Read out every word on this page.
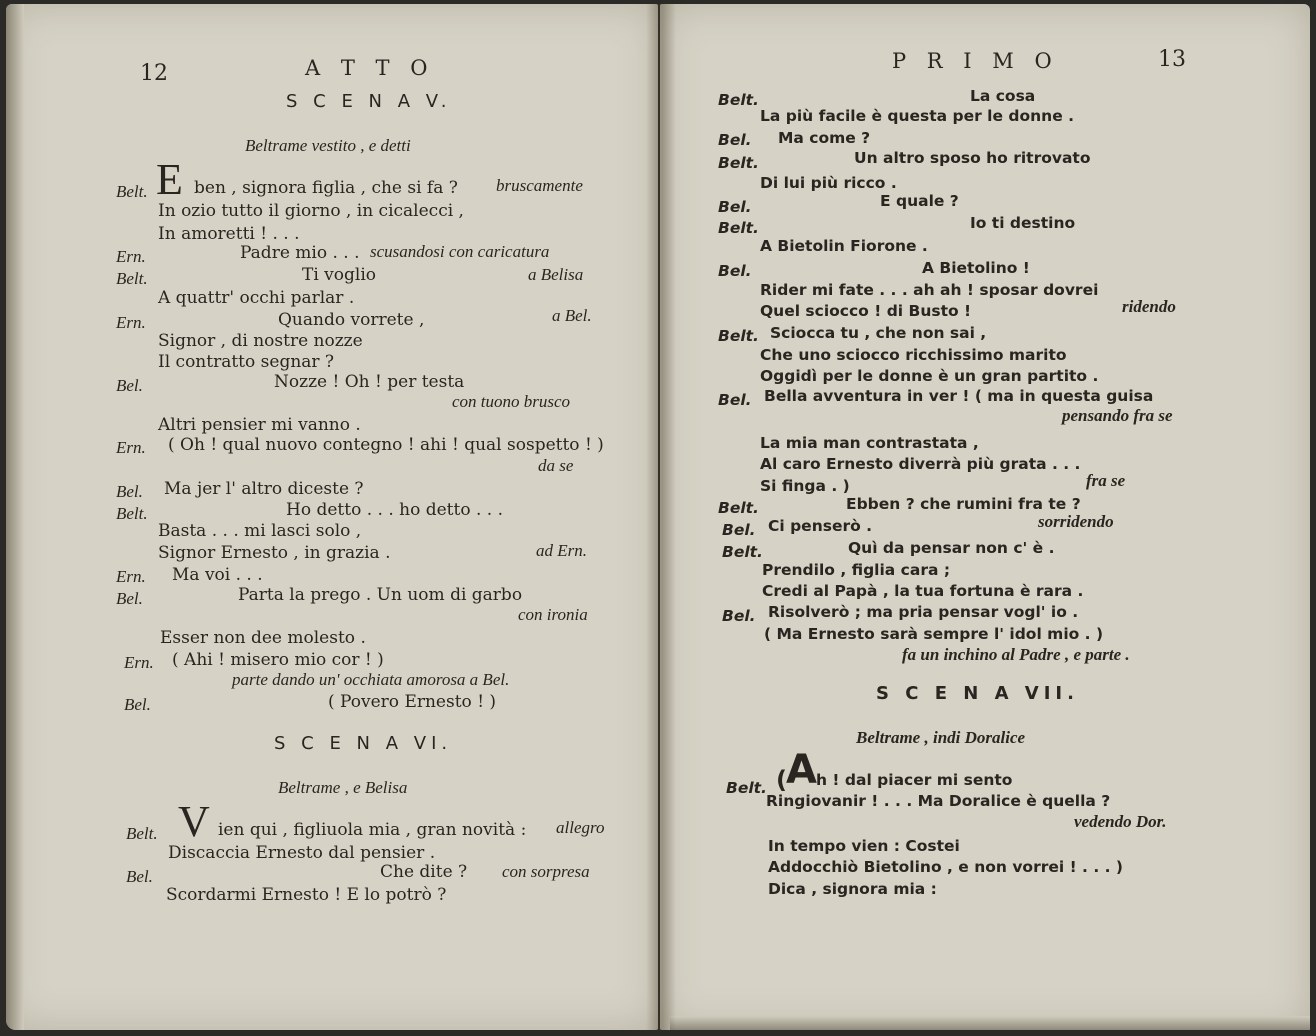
12	A T T O
S C E N A V.
Beltrame vestito , e detti
Belt. E ben , signora figlia , che si fa ? bruscamente
In ozio tutto il giorno , in cicalecci ,
In amoretti ! . . .
Ern.	Padre mio . . . scusandosi con caricatura
Belt.	Ti voglio	a Belisa
A quattr' occhi parlar .
Ern.	Quando vorrete ,	a Bel.
Signor , di nostre nozze
Il contratto segnar ?
Bel.	Nozze ! Oh ! per testa
con tuono brusco
Altri pensier mi vanno .
Ern. ( Oh ! qual nuovo contegno ! ahi ! qual sospetto ! )
da se
Bel. Ma jer l' altro diceste ?
Belt.	Ho detto . . . ho detto . . .
Basta . . . mi lasci solo ,
Signor Ernesto , in grazia .	ad Ern.
Ern. Ma voi . . .
Bel.	Parta la prego . Un uom di garbo
con ironia
Esser non dee molesto .
Ern. ( Ahi ! misero mio cor ! )
parte dando un' occhiata amorosa a Bel.
Bel.	( Povero Ernesto ! )
S C E N A VI.
Beltrame , e Belisa
Belt. V ien qui , figliuola mia , gran novità : allegro
Discaccia Ernesto dal pensier .
Bel.	Che dite ? con sorpresa
Scordarmi Ernesto ! E lo potrò ?
P R I M O	13
Belt.	La cosa
La più facile è questa per le donne .
Bel. Ma come ?
Belt.	Un altro sposo ho ritrovato
Di lui più ricco .
Bel.	E quale ?
Belt.	Io ti destino
A Bietolin Fiorone .
Bel.	A Bietolino !
Rider mi fate . . . ah ah ! sposar dovrei
Quel sciocco ! di Busto !	ridendo
Belt. Sciocca tu , che non sai ,
Che uno sciocco ricchissimo marito
Oggidì per le donne è un gran partito .
Bel. Bella avventura in ver ! ( ma in questa guisa
pensando fra se
La mia man contrastata ,
Al caro Ernesto diverrà più grata . . .
Si finga . )	fra se
Belt.	Ebben ? che rumini fra te ?
Bel. Ci penserò .	sorridendo
Belt.	Quì da pensar non c' è .
Prendilo , figlia cara ;
Credi al Papà , la tua fortuna è rara .
Bel. Risolverò ; ma pria pensar vogl' io .
( Ma Ernesto sarà sempre l' idol mio . )
fa un inchino al Padre , e parte .
S C E N A VII.
Beltrame , indi Doralice
Belt. ( A h ! dal piacer mi sento
Ringiovanir ! . . . Ma Doralice è quella ?
vedendo Dor.
In tempo vien : Costei
Addocchiò Bietolino , e non vorrei ! . . . )
Dica , signora mia :
